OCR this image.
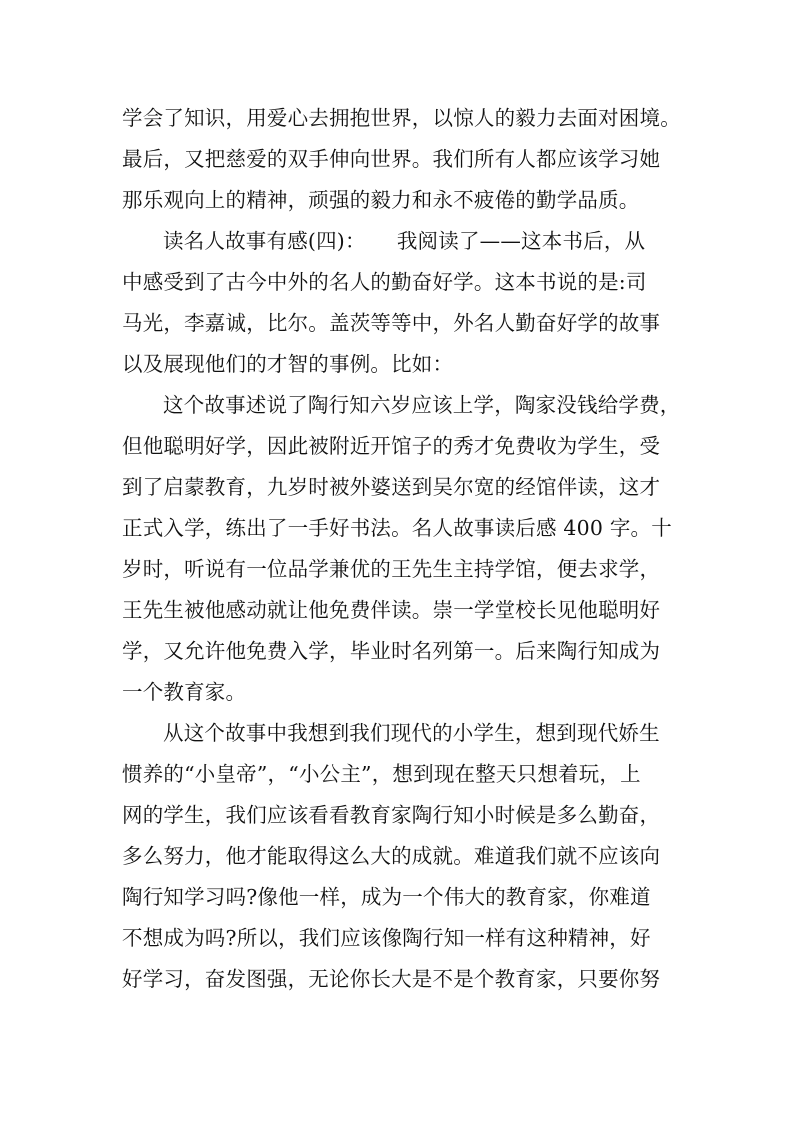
学会了知识，用爱心去拥抱世界，以惊人的毅力去面对困境。
最后，又把慈爱的双手伸向世界。我们所有人都应该学习她
那乐观向上的精神，顽强的毅力和永不疲倦的勤学品质。
读名人故事有感(四)：　　我阅读了——这本书后，从
中感受到了古今中外的名人的勤奋好学。这本书说的是:司
马光，李嘉诚，比尔。盖茨等等中，外名人勤奋好学的故事
以及展现他们的才智的事例。比如：
这个故事述说了陶行知六岁应该上学，陶家没钱给学费，
但他聪明好学，因此被附近开馆子的秀才免费收为学生，受
到了启蒙教育，九岁时被外婆送到吴尔宽的经馆伴读，这才
正式入学，练出了一手好书法。名人故事读后感 400 字。十
岁时，听说有一位品学兼优的王先生主持学馆，便去求学，
王先生被他感动就让他免费伴读。崇一学堂校长见他聪明好
学，又允许他免费入学，毕业时名列第一。后来陶行知成为
一个教育家。
从这个故事中我想到我们现代的小学生，想到现代娇生
惯养的“小皇帝”，“小公主”，想到现在整天只想着玩，上
网的学生，我们应该看看教育家陶行知小时候是多么勤奋，
多么努力，他才能取得这么大的成就。难道我们就不应该向
陶行知学习吗?像他一样，成为一个伟大的教育家，你难道
不想成为吗?所以，我们应该像陶行知一样有这种精神，好
好学习，奋发图强，无论你长大是不是个教育家，只要你努
